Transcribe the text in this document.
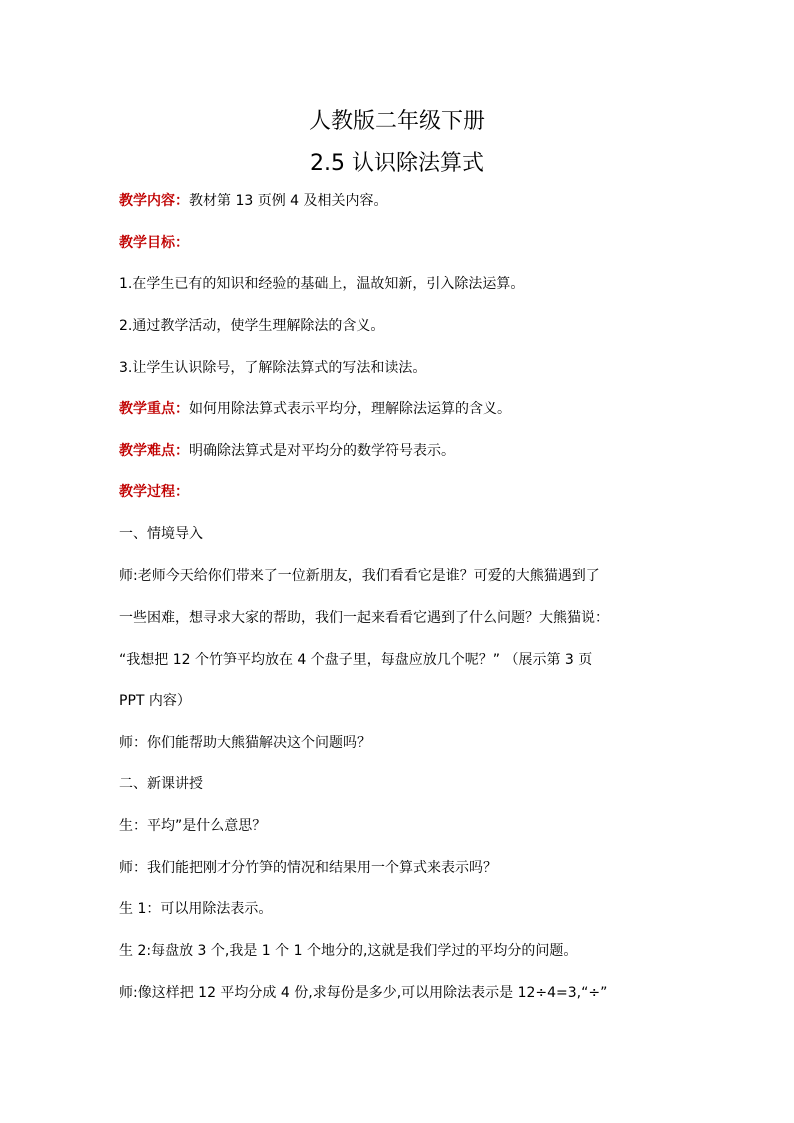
人教版二年级下册
2.5 认识除法算式
教学内容：教材第 13 页例 4 及相关内容。
教学目标：
1.在学生已有的知识和经验的基础上，温故知新，引入除法运算。
2.通过教学活动，使学生理解除法的含义。
3.让学生认识除号，了解除法算式的写法和读法。
教学重点：如何用除法算式表示平均分，理解除法运算的含义。
教学难点：明确除法算式是对平均分的数学符号表示。
教学过程：
一、情境导入
师:老师今天给你们带来了一位新朋友，我们看看它是谁？可爱的大熊猫遇到了
一些困难，想寻求大家的帮助，我们一起来看看它遇到了什么问题？大熊猫说：
“我想把 12 个竹笋平均放在 4 个盘子里，每盘应放几个呢？” （展示第 3 页
PPT 内容）
师：你们能帮助大熊猫解决这个问题吗？
二、新课讲授
生：平均”是什么意思？
师：我们能把刚才分竹笋的情况和结果用一个算式来表示吗？
生 1：可以用除法表示。
生 2:每盘放 3 个,我是 1 个 1 个地分的,这就是我们学过的平均分的问题。
师:像这样把 12 平均分成 4 份,求每份是多少,可以用除法表示是 12÷4=3,“÷”
